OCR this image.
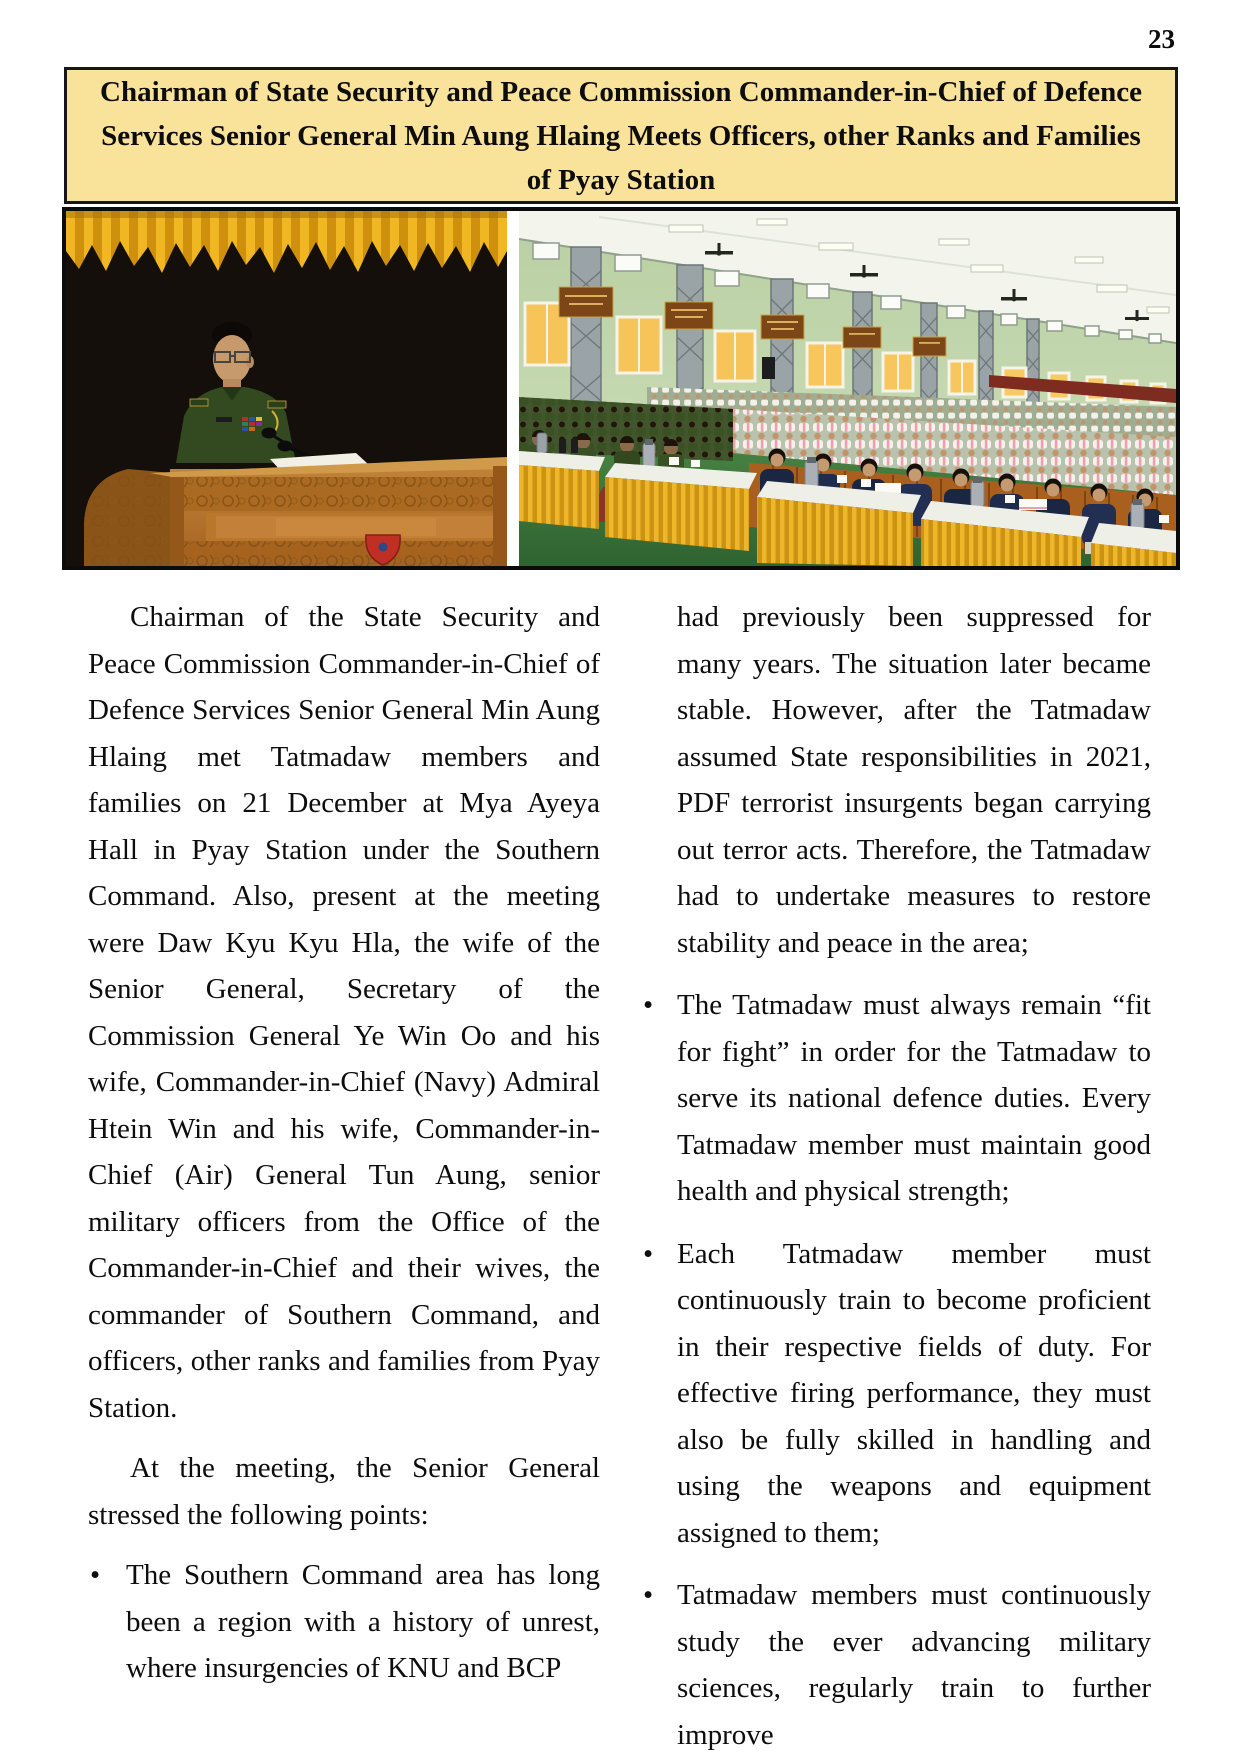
23
Chairman of State Security and Peace Commission Commander-in-Chief of Defence Services Senior General Min Aung Hlaing Meets Officers, other Ranks and Families of Pyay Station

Chairman of the State Security and Peace Commission Commander-in-Chief of Defence Services Senior General Min Aung Hlaing met Tatmadaw members and families on 21 December at Mya Ayeya Hall in Pyay Station under the Southern Command. Also, present at the meeting were Daw Kyu Kyu Hla, the wife of the Senior General, Secretary of the Commission General Ye Win Oo and his wife, Commander-in-Chief (Navy) Admiral Htein Win and his wife, Commander-in-Chief (Air) General Tun Aung, senior military officers from the Office of the Commander-in-Chief and their wives, the commander of Southern Command, and officers, other ranks and families from Pyay Station.

At the meeting, the Senior General stressed the following points:

• The Southern Command area has long been a region with a history of unrest, where insurgencies of KNU and BCP
had previously been suppressed for many years. The situation later became stable. However, after the Tatmadaw assumed State responsibilities in 2021, PDF terrorist insurgents began carrying out terror acts. Therefore, the Tatmadaw had to undertake measures to restore stability and peace in the area;
• The Tatmadaw must always remain “fit for fight” in order for the Tatmadaw to serve its national defence duties. Every Tatmadaw member must maintain good health and physical strength;
• Each Tatmadaw member must continuously train to become proficient in their respective fields of duty. For effective firing performance, they must also be fully skilled in handling and using the weapons and equipment assigned to them;
• Tatmadaw members must continuously study the ever advancing military sciences, regularly train to further improve
